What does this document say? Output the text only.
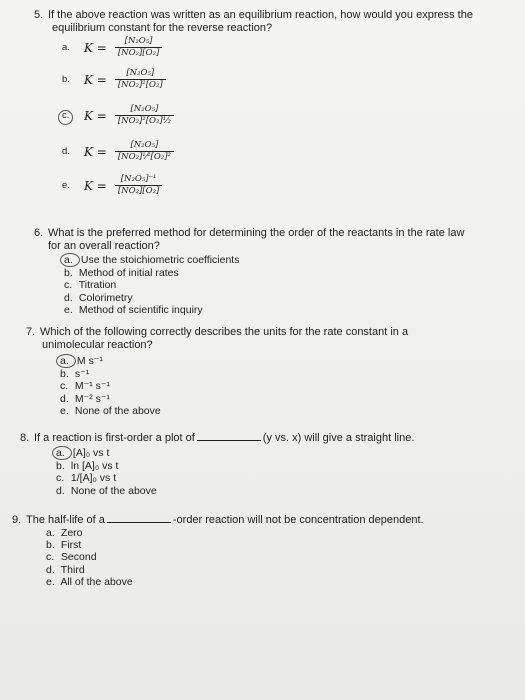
5. If the above reaction was written as an equilibrium reaction, how would you express the
equilibrium constant for the reverse reaction?
a.	$K = \frac{\text{[N₂O₅]}}{\text{[NO₂][O₂]}}$
b.	$K = \frac{\text{[N₂O₅]}}{\text{[NO₂]²[O₂]}}$
c.	$K = \frac{\text{[N₂O₅]}}{\text{[NO₂]²[O₂]¹⁄₂}}$
d.	$K = \frac{\text{[N₂O₅]}}{\text{[NO₂]¹⁄²[O₂]²}}$
e.	$K = \frac{\text{[N₂O₅]⁻¹}}{\text{[NO₂][O₂]}}$
6. What is the preferred method for determining the order of the reactants in the rate law
for an overall reaction?
a. Use the stoichiometric coefficients
b. Method of initial rates
c. Titration
d. Colorimetry
e. Method of scientific inquiry
7. Which of the following correctly describes the units for the rate constant in a
unimolecular reaction?
a. M s⁻¹
b. s⁻¹
c. M⁻¹ s⁻¹
d. M⁻² s⁻¹
e. None of the above
8. If a reaction is first-order a plot of	(y vs. x) will give a straight line.
a. [A]₀ vs t
b. ln [A]₀ vs t
c. 1/[A]₀ vs t
d. None of the above
9. The half-life of a	-order reaction will not be concentration dependent.
a. Zero
b. First
c. Second
d. Third
e. All of the above
